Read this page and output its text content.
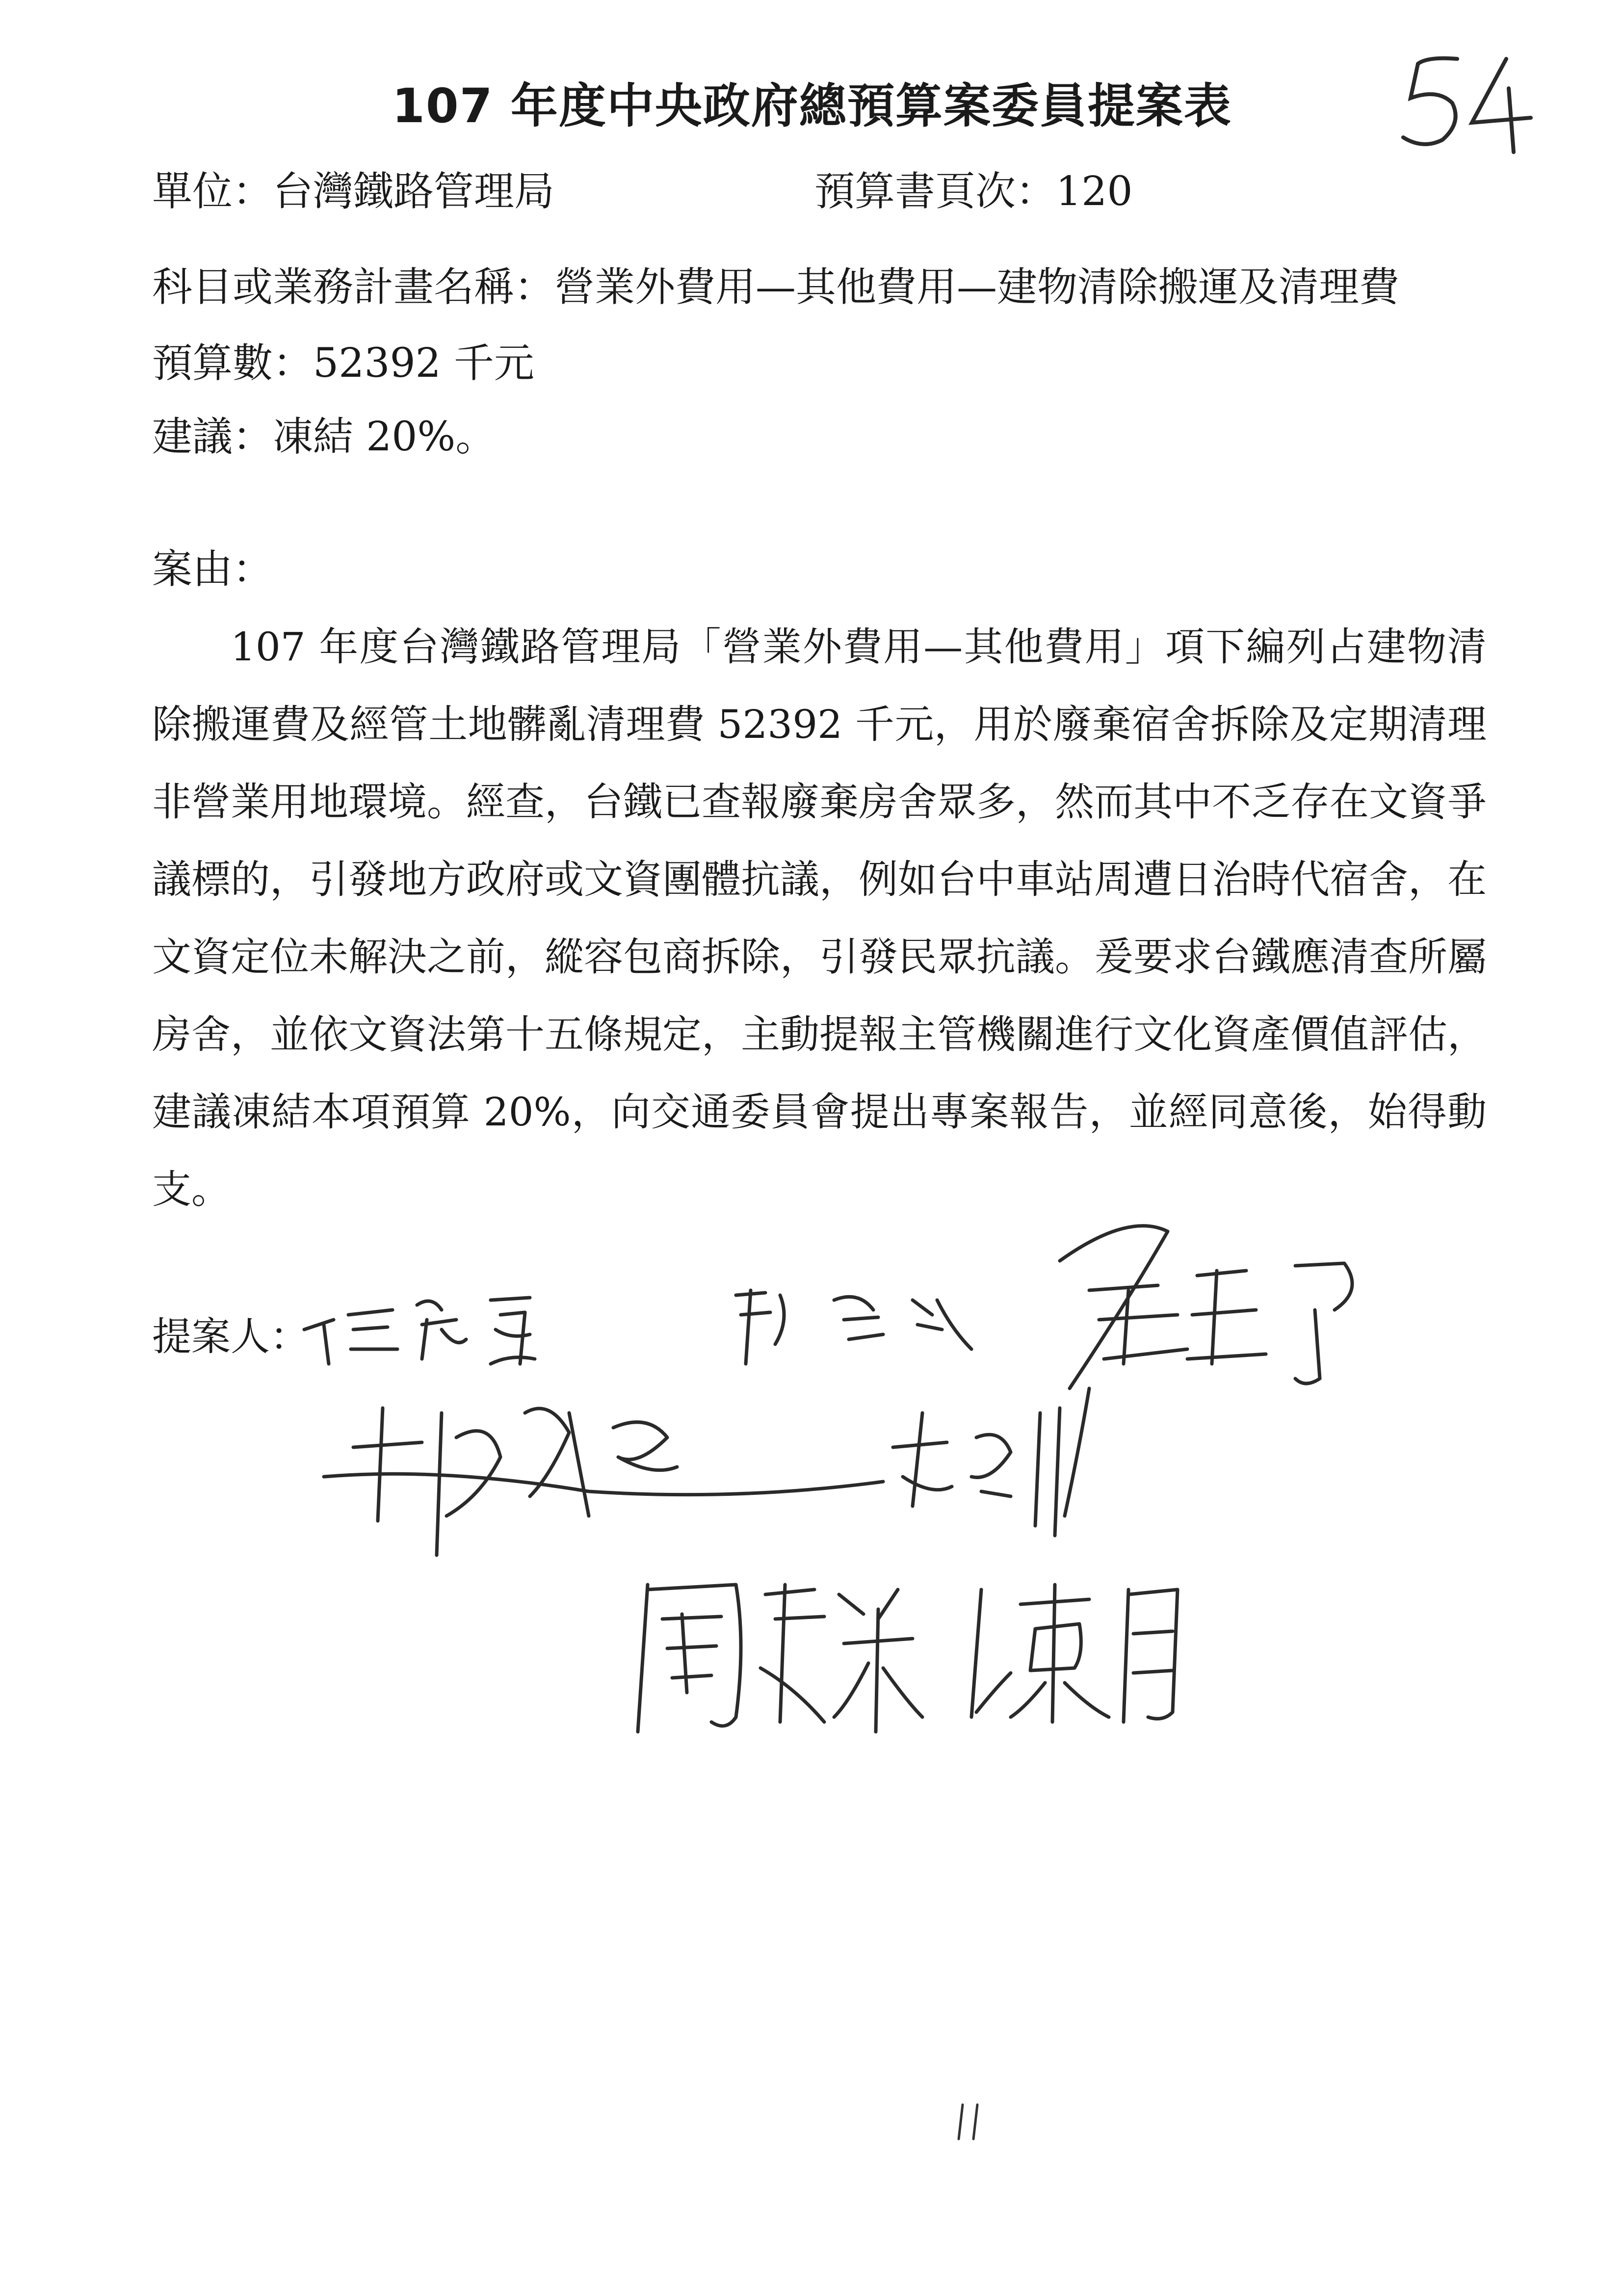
107 年度中央政府總預算案委員提案表
單位：台灣鐵路管理局	預算書頁次：120
科目或業務計畫名稱：營業外費用—其他費用—建物清除搬運及清理費
預算數：52392 千元
建議：凍結 20%。
案由：

107 年度台灣鐵路管理局「營業外費用—其他費用」項下編列占建物清除搬運費及經管土地髒亂清理費 52392 千元，用於廢棄宿舍拆除及定期清理非營業用地環境。經查，台鐵已查報廢棄房舍眾多，然而其中不乏存在文資爭議標的，引發地方政府或文資團體抗議，例如台中車站周遭日治時代宿舍，在文資定位未解決之前，縱容包商拆除，引發民眾抗議。爰要求台鐵應清查所屬房舍，並依文資法第十五條規定，主動提報主管機關進行文化資產價值評估，建議凍結本項預算 20%，向交通委員會提出專案報告，並經同意後，始得動支。

提案人：
